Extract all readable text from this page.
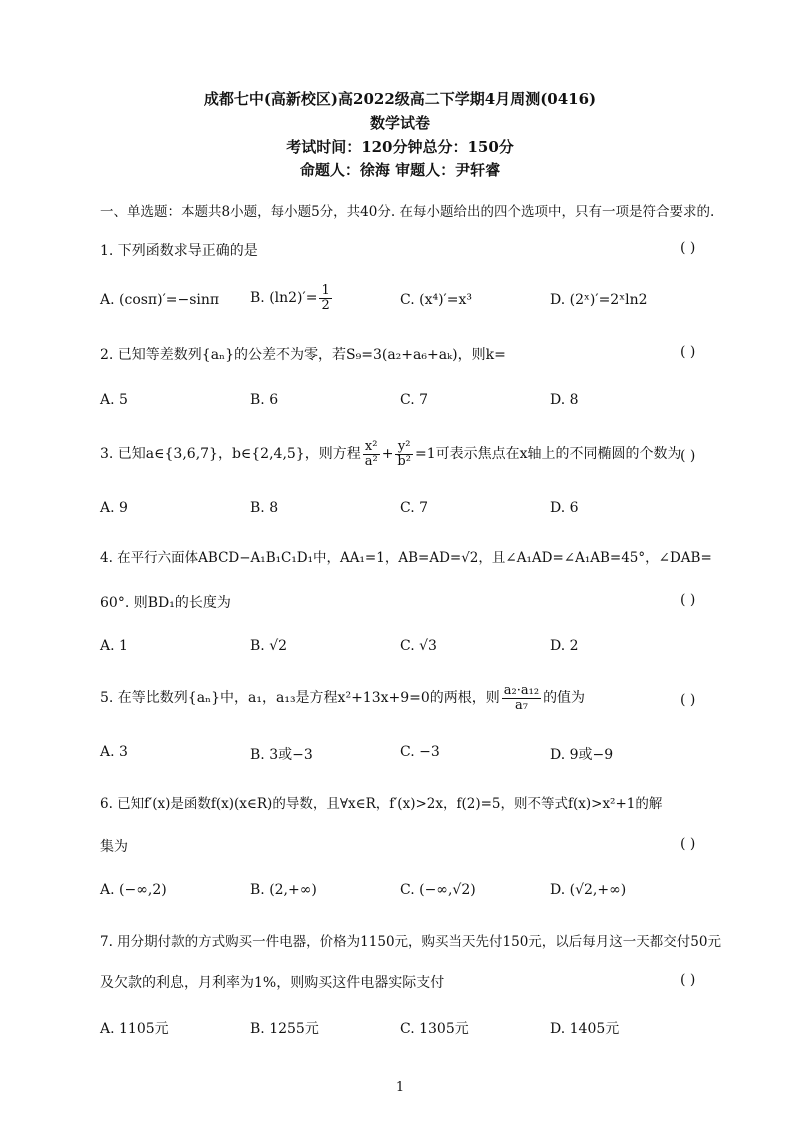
成都七中(高新校区)高2022级高二下学期4月周测(0416)
数学试卷
考试时间：120分钟总分：150分
命题人：徐海 审题人：尹轩睿
一、单选题：本题共8小题，每小题5分，共40分. 在每小题给出的四个选项中，只有一项是符合要求的.
1. 下列函数求导正确的是	( )
A. (cosπ)′=−sinπ B. $(\ln 2)'= \frac{1}{2}$	C. (x⁴)′=x³	D. (2ˣ)′=2ˣln2
2. 已知等差数列{aₙ}的公差不为零，若S₉=3(a₂+a₆+aₖ)，则k=	( )
A. 5	B. 6	C. 7	D. 8
3. 已知a∈{3,6,7}，b∈{2,4,5}，则方程 $\frac{\text{x²}}{\text{a²}} + \frac{\text{y²}}{\text{b²}} =1$可表示焦点在x轴上的不同椭圆的个数为
( )
A. 9	B. 8	C. 7	D. 6
4. 在平行六面体ABCD−A₁B₁C₁D₁中，AA₁=1，AB=AD=√2，且∠A₁AD=∠A₁AB=45°，∠DAB=
60°. 则BD₁的长度为	( )
A. 1	B. √2	C. √3	D. 2
5. 在等比数列{aₙ}中，a₁，a₁₃是方程x²+13x+9=0的两根，则 $\frac{\text{a₂·a₁₂}}{\text{a₇}}$ 的值为	( )
A. 3	B. 3或−3	C. −3	D. 9或−9
6. 已知f′(x)是函数f(x)(x∈R)的导数，且∀x∈R，f′(x)>2x，f(2)=5，则不等式f(x)>x²+1的解
集为	( )
A. (−∞,2)	B. (2,+∞)	C. (−∞,√2)	D. (√2,+∞)
7. 用分期付款的方式购买一件电器，价格为1150元，购买当天先付150元，以后每月这一天都交付50元
及欠款的利息，月利率为1%，则购买这件电器实际支付	( )
A. 1105元	B. 1255元	C. 1305元	D. 1405元
1
